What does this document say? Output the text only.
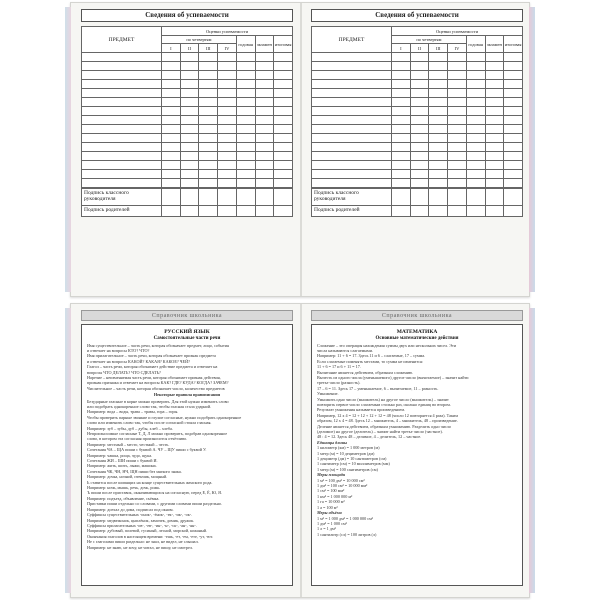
Сведения об успеваемости
ПРЕДМЕТ	Оценки успеваемости						
	по четвертям				годовая	экзамен	итоговая
	I	II	III	IV			

Подпись классного руководителя
Подпись родителей
Сведения об успеваемости
ПРЕДМЕТ	Оценки успеваемости						
	по четвертям				годовая	экзамен	итоговая
	I	II	III	IV			

Подпись классного руководителя
Подпись родителей
Справочник школьника
РУССКИЙ ЯЗЫК
Самостоятельные части речи

Имя существительное – часть речи, которая обозначает предмет, лицо, события

и отвечает на вопросы КТО? ЧТО?

Имя прилагательное – часть речи, которая обозначает признак предмета

и отвечает на вопросы КАКОЙ? КАКАЯ? КАКОЕ? ЧЕЙ?

Глагол – часть речи, которая обозначает действие предмета и отвечает на

вопросы ЧТО ДЕЛАТЬ? ЧТО СДЕЛАТЬ?

Наречие – неизменяемая часть речи, которая обозначает признак действия,

признак признака и отвечает на вопросы КАК? ГДЕ? КУДА? КОГДА? ЗАЧЕМ?

Числительное – часть речи, которая обозначает число, количество предметов

Некоторые правила правописания

Безударные гласные в корне можно проверить. Для этой нужно изменить слово

или подобрать однокоренное слово так, чтобы гласная стала ударной.

Например: вода – воды, трава – травы, гора – горы.

Чтобы проверить парные звонкие и глухие согласные, нужно подобрать однокоренное

слово или изменить слово так, чтобы после согласной стояла гласная.

Например: зуб – зубы, дуб – дубы, хлеб – хлеба.

Непроизносимые согласные Т, Д, Л можно проверить, подобрав однокоренное

слово, в котором эта согласная произносится отчётливо.

Например: местный – место, честный – честь.

Сочетания ЧА – ЩА пиши с буквой А. ЧУ – ЩУ пиши с буквой У.

Например: чашка, роща, чудо, щука.

Сочетания ЖИ – ШИ пиши с буквой И.

Например: жить, шить, лыжи, машина.

Сочетания ЧК, ЧН, НЧ, ЩН пиши без мягкого знака.

Например: дочка, ночной, птенчик, мощный.

Ь ставится после шипящих на конце существительных женского рода.

Например: ночь, мышь, речь, дочь, рожь.

Ъ пиши после приставок, оканчивающихся на согласную, перед Е, Ё, Ю, Я.

Например: подъезд, объявление, съёмка.

Приставки пиши отдельно со словами, с другими словами пиши раздельно.

Например: доехал до дома, подписал под окном.

Суффиксы существительных -онок-, -ёнок-, -ек-, -ик-, -ок-.

Например: медвежонок, цыплёнок, замочек, домик, дружок.

Суффиксы прилагательных -ов-, -ев-, -ин-, -н-, -ск-, -ан-, -ян-.

Например: дубовый, полевой, гусиный, лесной, морской, кожаный.

Окончания глаголов в настоящем времени: -ешь, -ет, -ем, -ете, -ут, -ют.

Не с глаголами пиши раздельно: не знал, не видел, не слышал.

Например: не знаю, не хочу, не читал, не пишу, не смотрел.

Справочник школьника
МАТЕМАТИКА
Основные математические действия

Сложение – это операция нахождения суммы двух или нескольких чисел. Эти

числа называются слагаемыми.

Например: 11 + 6 = 17. Здесь 11 и 6 – слагаемые, 17 – сумма.

Если слагаемые поменять местами, то сумма не изменится:

11 + 6 = 17 и 6 + 11 = 17.

Вычитание является действием, обратным сложению.

Вычесть из одного числа (уменьшаемого) другое число (вычитаемое) – значит найти

третье число (разность).

17 – 6 = 11. Здесь 17 – уменьшаемое, 6 – вычитаемое, 11 – разность.

Умножение.

Умножить одно число (множитель) на другое число (множитель) – значит

повторить первое число слагаемым столько раз, сколько единиц во втором.

Результат умножения называется произведением.

Например, 12 x 4 = 12 + 12 + 12 + 12 = 48 (число 12 повторяется 4 раза). Таким

образом, 12 x 4 = 48. Здесь 12 – множитель, 4 – множитель, 48 – произведение.

Деление является действием, обратным умножению. Разделить одно число

(делимое) на другое (делитель) – значит найти третье число (частное).

48 : 4 = 12. Здесь 48 – делимое, 4 – делитель, 12 – частное.

Единицы длины

1 километр (км) = 1 000 метров (м)

1 метр (м) = 10 дециметров (дм)

1 дециметр (дм) = 10 сантиметров (см)

1 сантиметр (см) = 10 миллиметров (мм)

1 метр (м) = 100 сантиметров (см)

Меры площади

1 м² = 100 дм² = 10 000 см²

1 дм² = 100 см² = 10 000 мм²

1 см² = 100 мм²

1 км² = 1 000 000 м²

1 га = 10 000 м²

1 а = 100 м²

Меры объёма

1 м³ = 1 000 дм³ = 1 000 000 см³

1 дм³ = 1 000 см³

1 л = 1 дм³

1 сантилитр (сл) = 100 литров (л)
